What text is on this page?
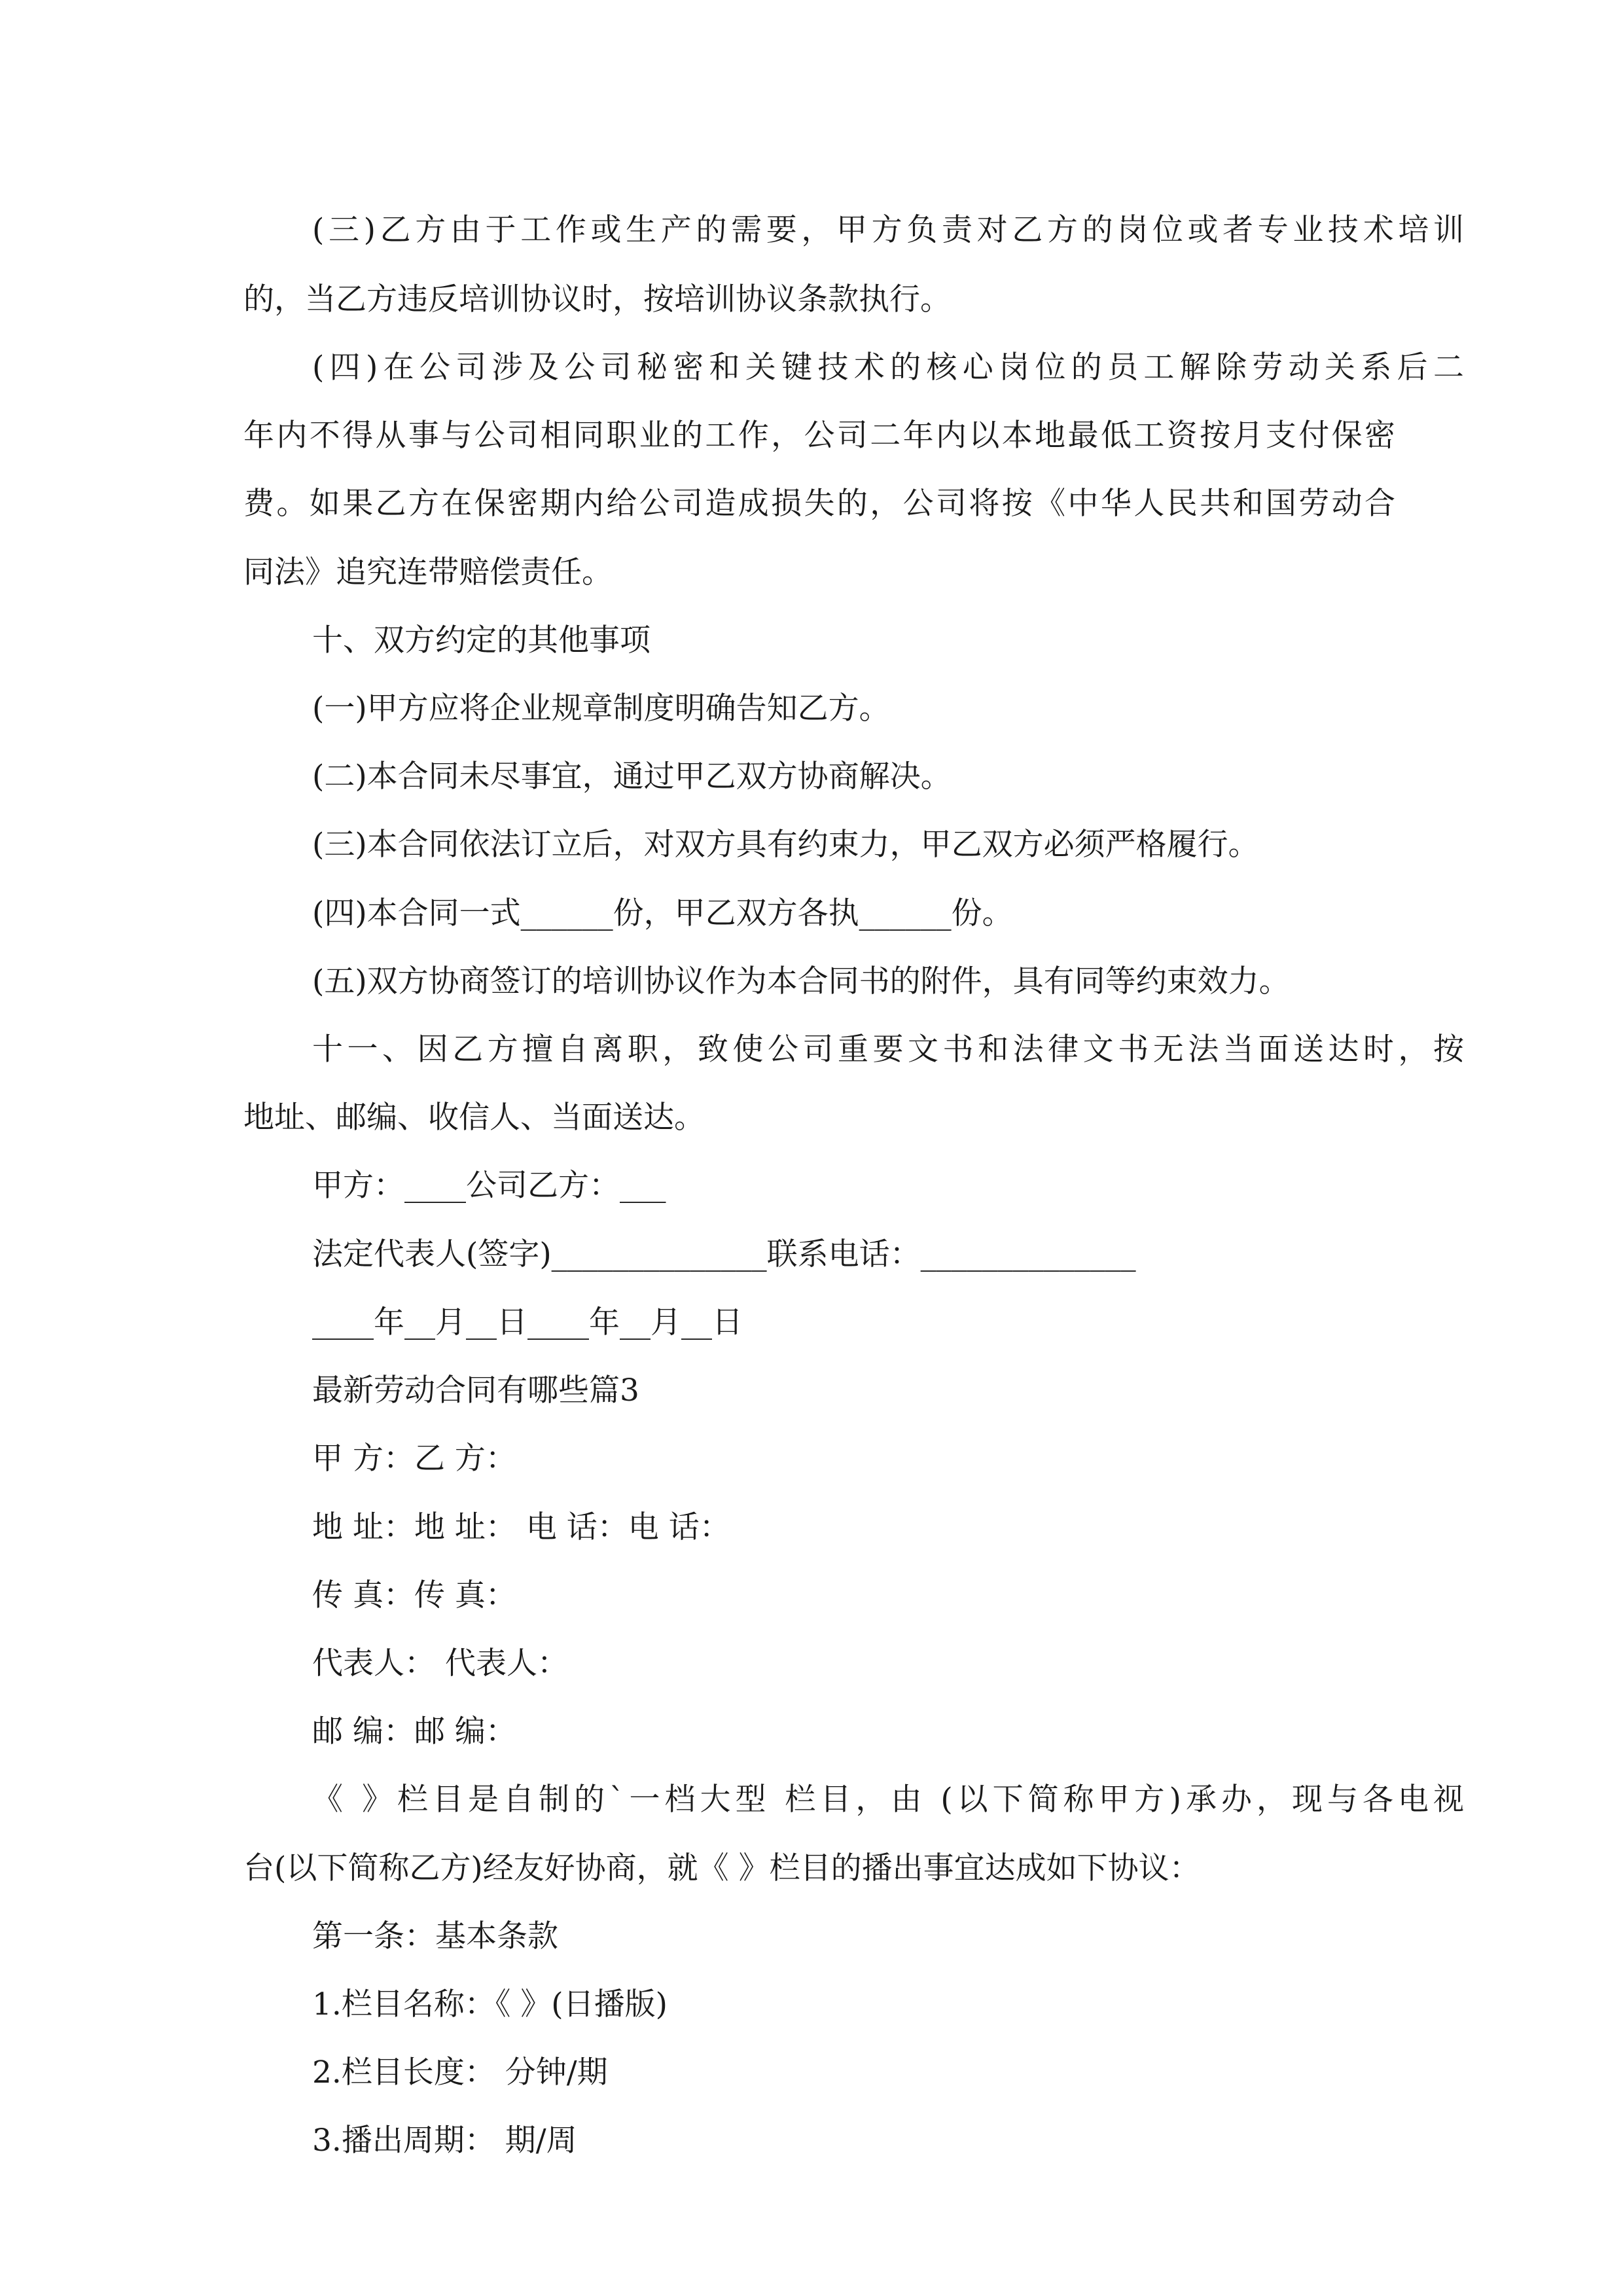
(三)乙方由于工作或生产的需要，甲方负责对乙方的岗位或者专业技术培训
的，当乙方违反培训协议时，按培训协议条款执行。
(四)在公司涉及公司秘密和关键技术的核心岗位的员工解除劳动关系后二
年内不得从事与公司相同职业的工作，公司二年内以本地最低工资按月支付保密
费。如果乙方在保密期内给公司造成损失的，公司将按《中华人民共和国劳动合
同法》追究连带赔偿责任。
十、双方约定的其他事项
(一)甲方应将企业规章制度明确告知乙方。
(二)本合同未尽事宜，通过甲乙双方协商解决。
(三)本合同依法订立后，对双方具有约束力，甲乙双方必须严格履行。
(四)本合同一式______份，甲乙双方各执______份。
(五)双方协商签订的培训协议作为本合同书的附件，具有同等约束效力。
十一、因乙方擅自离职，致使公司重要文书和法律文书无法当面送达时，按
地址、邮编、收信人、当面送达。
甲方：____公司乙方：___
法定代表人(签字)______________联系电话：______________
____年__月__日____年__月__日
最新劳动合同有哪些篇3
甲 方：乙 方：
地 址：地 址： 电 话：电 话：
传 真：传 真：
代表人： 代表人：
邮 编：邮 编：
《 》栏目是自制的`一档大型 栏目，由 (以下简称甲方)承办，现与各电视
台(以下简称乙方)经友好协商，就《 》栏目的播出事宜达成如下协议：
第一条：基本条款
1.栏目名称：《 》(日播版)
2.栏目长度： 分钟/期
3.播出周期： 期/周
